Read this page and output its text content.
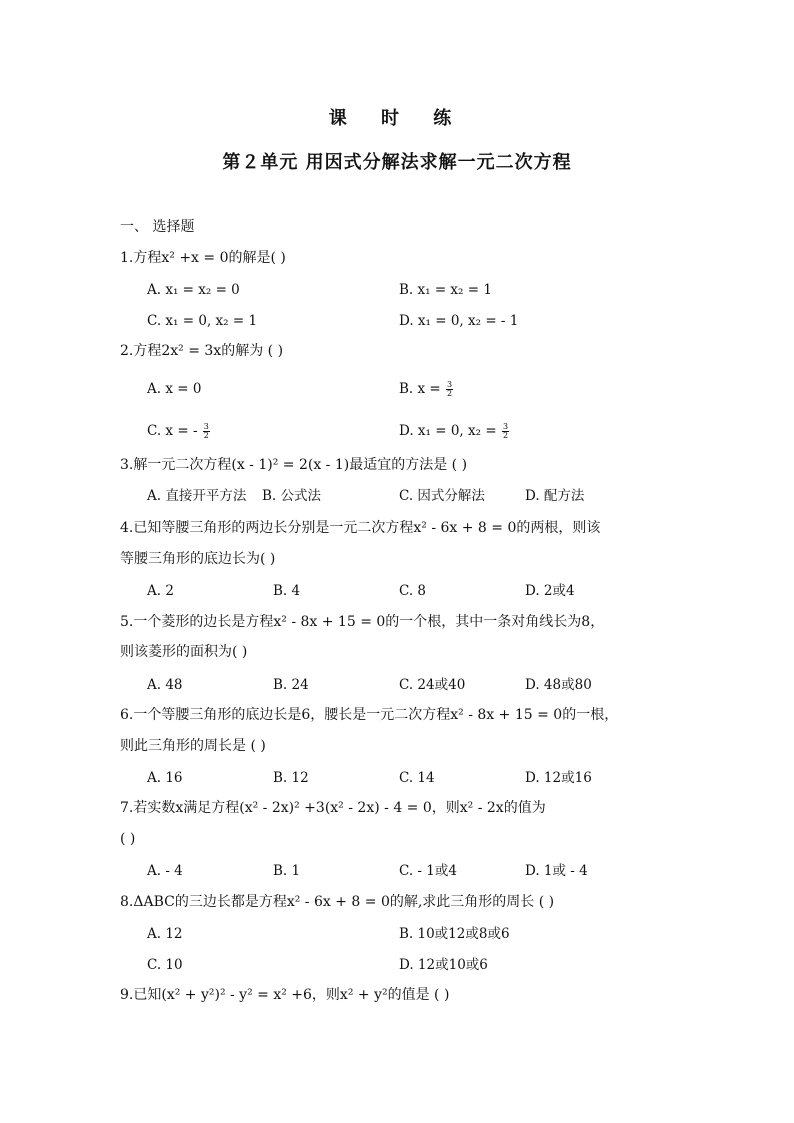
课 时 练
第２单元 用因式分解法求解一元二次方程
一、 选择题
1.方程x² +x = 0的解是( )
A. x₁ = x₂ = 0	B. x₁ = x₂ = 1
C. x₁ = 0, x₂ = 1	D. x₁ = 0, x₂ = - 1
2.方程2x² = 3x的解为 ( )
A. x = 0	B. $x = \frac{3}{2}$
C. x = - $\frac{3}{2}$	D. x₁ = 0, $x_2 = \frac{3}{2}$
3.解一元二次方程(x - 1)² = 2(x - 1)最适宜的方法是 ( )
A. 直接开平方法 B. 公式法	C. 因式分解法	D. 配方法
4.已知等腰三角形的两边长分别是一元二次方程x² - 6x + 8 = 0的两根，则该
等腰三角形的底边长为( )
A. 2	B. 4	C. 8	D. 2或4
5.一个菱形的边长是方程x² - 8x + 15 = 0的一个根，其中一条对角线长为8，
则该菱形的面积为( )
A. 48	B. 24	C. 24或40	D. 48或80
6.一个等腰三角形的底边长是6，腰长是一元二次方程x² - 8x + 15 = 0的一根，
则此三角形的周长是 ( )
A. 16	B. 12	C. 14	D. 12或16
7.若实数x满足方程(x² - 2x)² +3(x² - 2x) - 4 = 0，则x² - 2x的值为
( )
A. - 4	B. 1	C. - 1或4	D. 1或 - 4
8.ΔABC的三边长都是方程x² - 6x + 8 = 0的解,求此三角形的周长 ( )
A. 12	B. 10或12或8或6
C. 10	D. 12或10或6
9.已知(x² + y²)² - y² = x² +6，则x² + y²的值是 ( )
